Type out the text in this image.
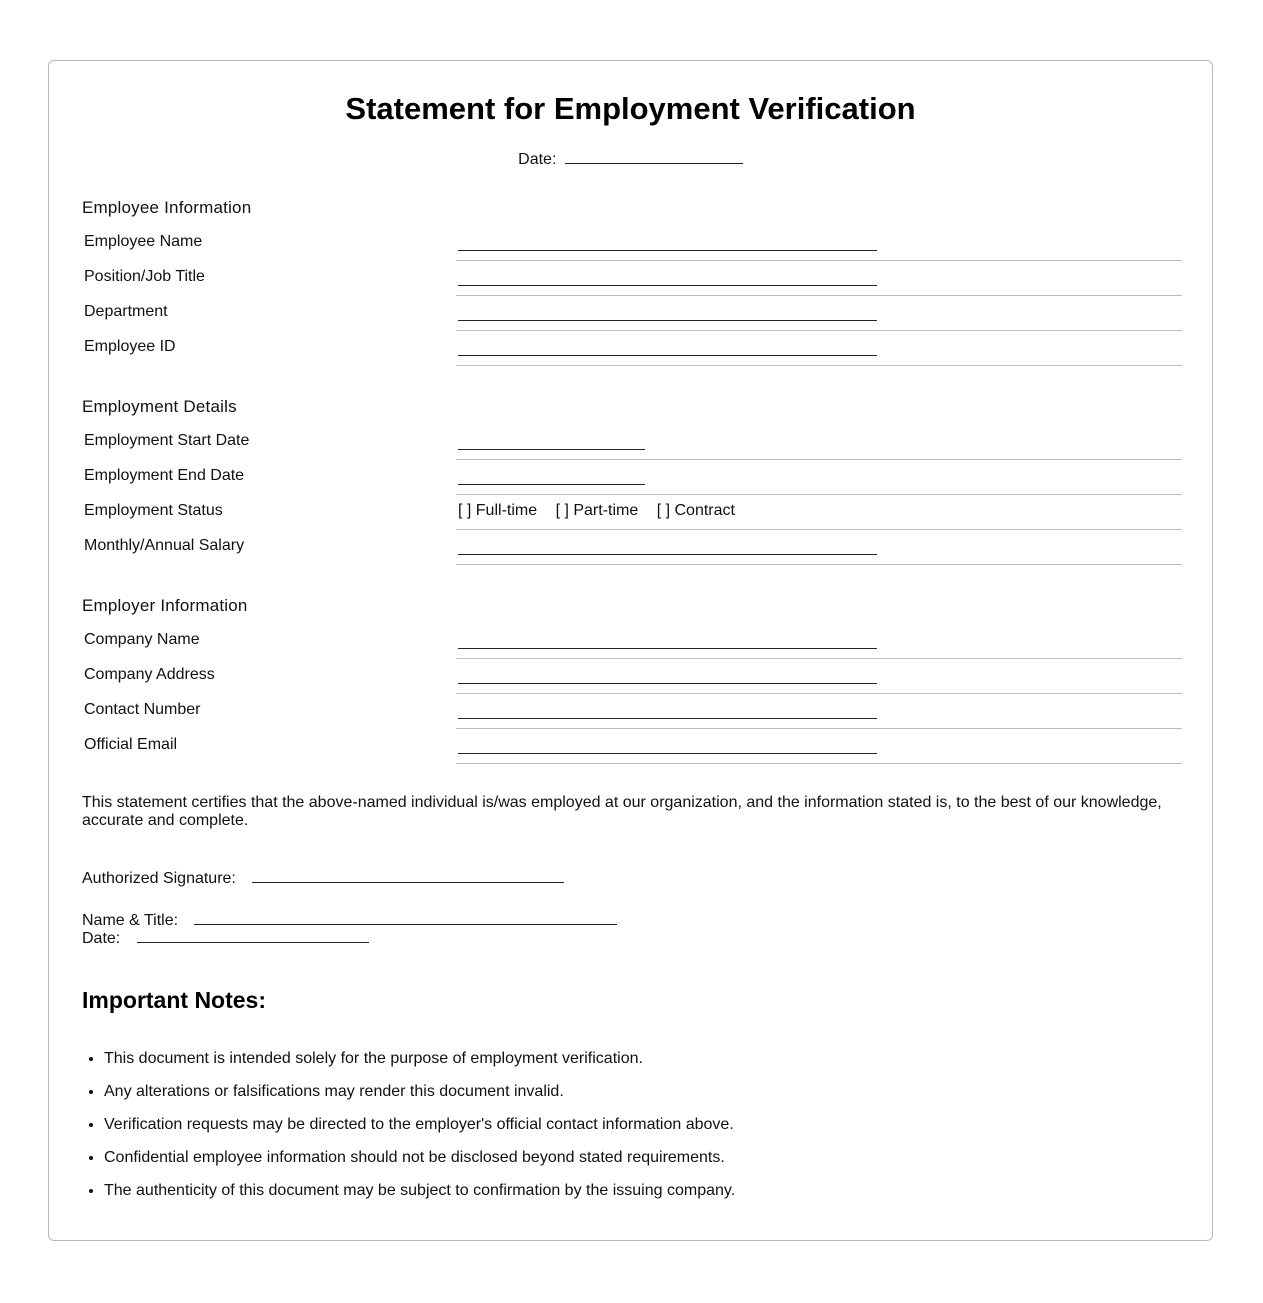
Statement for Employment Verification
Date:
Employee Information
Employee Name
Position/Job Title
Department
Employee ID
Employment Details
Employment Start Date
Employment End Date
Employment Status	[ ] Full-time [ ] Part-time [ ] Contract
Monthly/Annual Salary
Employer Information
Company Name
Company Address
Contact Number
Official Email

This statement certifies that the above-named individual is/was employed at our organization, and the information stated is, to the best of our knowledge, accurate and complete.

Authorized Signature:
Name & Title:
Date:
Important Notes:
• This document is intended solely for the purpose of employment verification.
• Any alterations or falsifications may render this document invalid.
• Verification requests may be directed to the employer's official contact information above.
• Confidential employee information should not be disclosed beyond stated requirements.
• The authenticity of this document may be subject to confirmation by the issuing company.
